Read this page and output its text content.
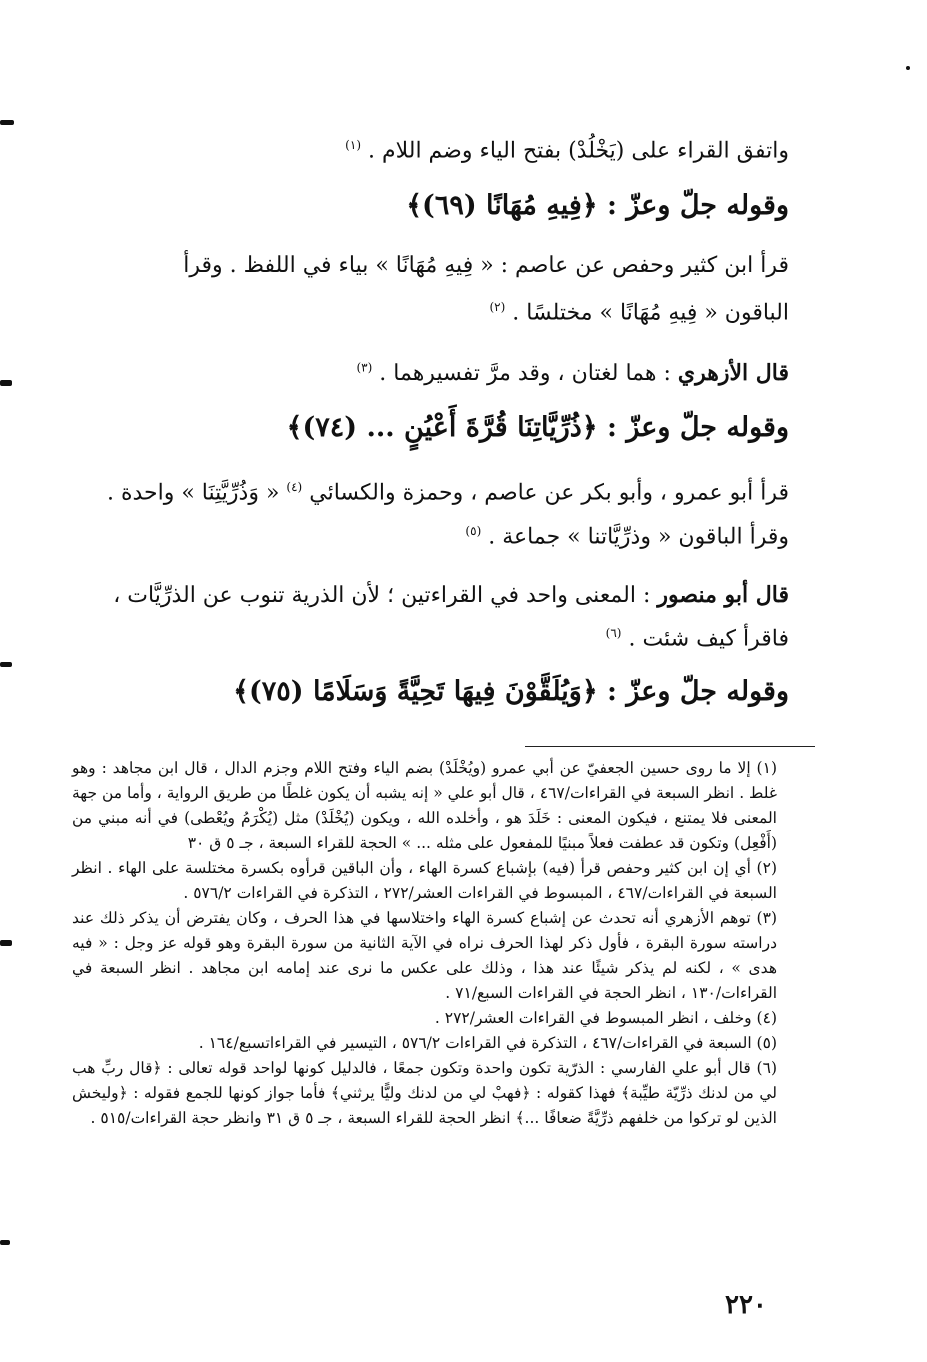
واتفق القراء على (يَخْلُدْ) بفتح الياء وضم اللام . $^{(١)}$
وقوله جلّ وعزّ : ﴿فِيهِ مُهَانًا (٦٩)﴾
قرأ ابن كثير وحفص عن عاصم : « فِيهِ مُهَانًا » بياء في اللفظ . وقرأ
الباقون « فِيهِ مُهَانًا » مختلسًا . $^{(٢)}$
قال الأزهري : هما لغتان ، وقد مرَّ تفسيرهما . $^{(٣)}$
وقوله جلّ وعزّ : ﴿ذُرِّيَّاتِنَا قُرَّةَ أَعْيُنٍ ... (٧٤)﴾
قرأ أبو عمرو ، وأبو بكر عن عاصم ، وحمزة والكسائي $^{(٤)}$ « وَذُرِّيَّتِنَا » واحدة .
وقرأ الباقون « وذرِّيَّاتنا » جماعة . $^{(٥)}$
قال أبو منصور : المعنى واحد في القراءتين ؛ لأن الذرية تنوب عن الذرِّيَّات ،
فاقرأ كيف شئت . $^{(٦)}$
وقوله جلّ وعزّ : ﴿وَيُلَقَّوْنَ فِيهَا تَحِيَّةً وَسَلَامًا (٧٥)﴾

(١) إلا ما روى حسين الجعفيّ عن أبي عمرو (ويُخْلَدْ) بضم الياء وفتح اللام وجزم الدال ، قال ابن مجاهد : وهو غلط . انظر السبعة في القراءات/٤٦٧ ، قال أبو علي « إنه يشبه أن يكون غلطًا من طريق الرواية ، وأما من جهة المعنى فلا يمتنع ، فيكون المعنى : خَلَدَ هو ، وأخلده الله ، ويكون (يُخْلَدْ) مثل (يُكْرَمُ ويُعْطى) في أنه مبني من (أَفْعِل) وتكون قد عطفت فعلاً مبنيًا للمفعول على مثله ... » الحجة للقراء السبعة ، جـ ٥ ق ٣٠

(٢) أي إن ابن كثير وحفص قرأ (فيه) بإشباع كسرة الهاء ، وأن الباقين قرأوه بكسرة مختلسة على الهاء . انظر السبعة في القراءات/٤٦٧ ، المبسوط في القراءات العشر/٢٧٢ ، التذكرة في القراءات ٥٧٦/٢ .

(٣) توهم الأزهري أنه تحدث عن إشباع كسرة الهاء واختلاسها في هذا الحرف ، وكان يفترض أن يذكر ذلك عند دراسته سورة البقرة ، فأول ذكر لهذا الحرف نراه في الآية الثانية من سورة البقرة وهو قوله عز وجل : « فيه هدى » ، لكنه لم يذكر شيئًا عند هذا ، وذلك على عكس ما نرى عند إمامه ابن مجاهد . انظر السبعة في القراءات/١٣٠ ، انظر الحجة في القراءات السبع/٧١ .

(٤) وخلف ، انظر المبسوط في القراءات العشر/٢٧٢ .

(٥) السبعة في القراءات/٤٦٧ ، التذكرة في القراءات ٥٧٦/٢ ، التيسير في القراءاتسبع/١٦٤ .

(٦) قال أبو علي الفارسي : الذرّية تكون واحدة وتكون جمعًا ، فالدليل كونها لواحد قوله تعالى : ﴿قال ربِّ هب لي من لدنك ذرِّيّة طيِّبة﴾ فهذا كقوله : ﴿فهبْ لي من لدنك وليًّا يرثني﴾ فأما جواز كونها للجمع فقوله : ﴿وليخش الذين لو تركوا من خلفهم ذرِّيَّةً ضعافًا ...﴾ انظر الحجة للقراء السبعة ، جـ ٥ ق ٣١ وانظر حجة القراءات/٥١٥ .

٢٢٠
